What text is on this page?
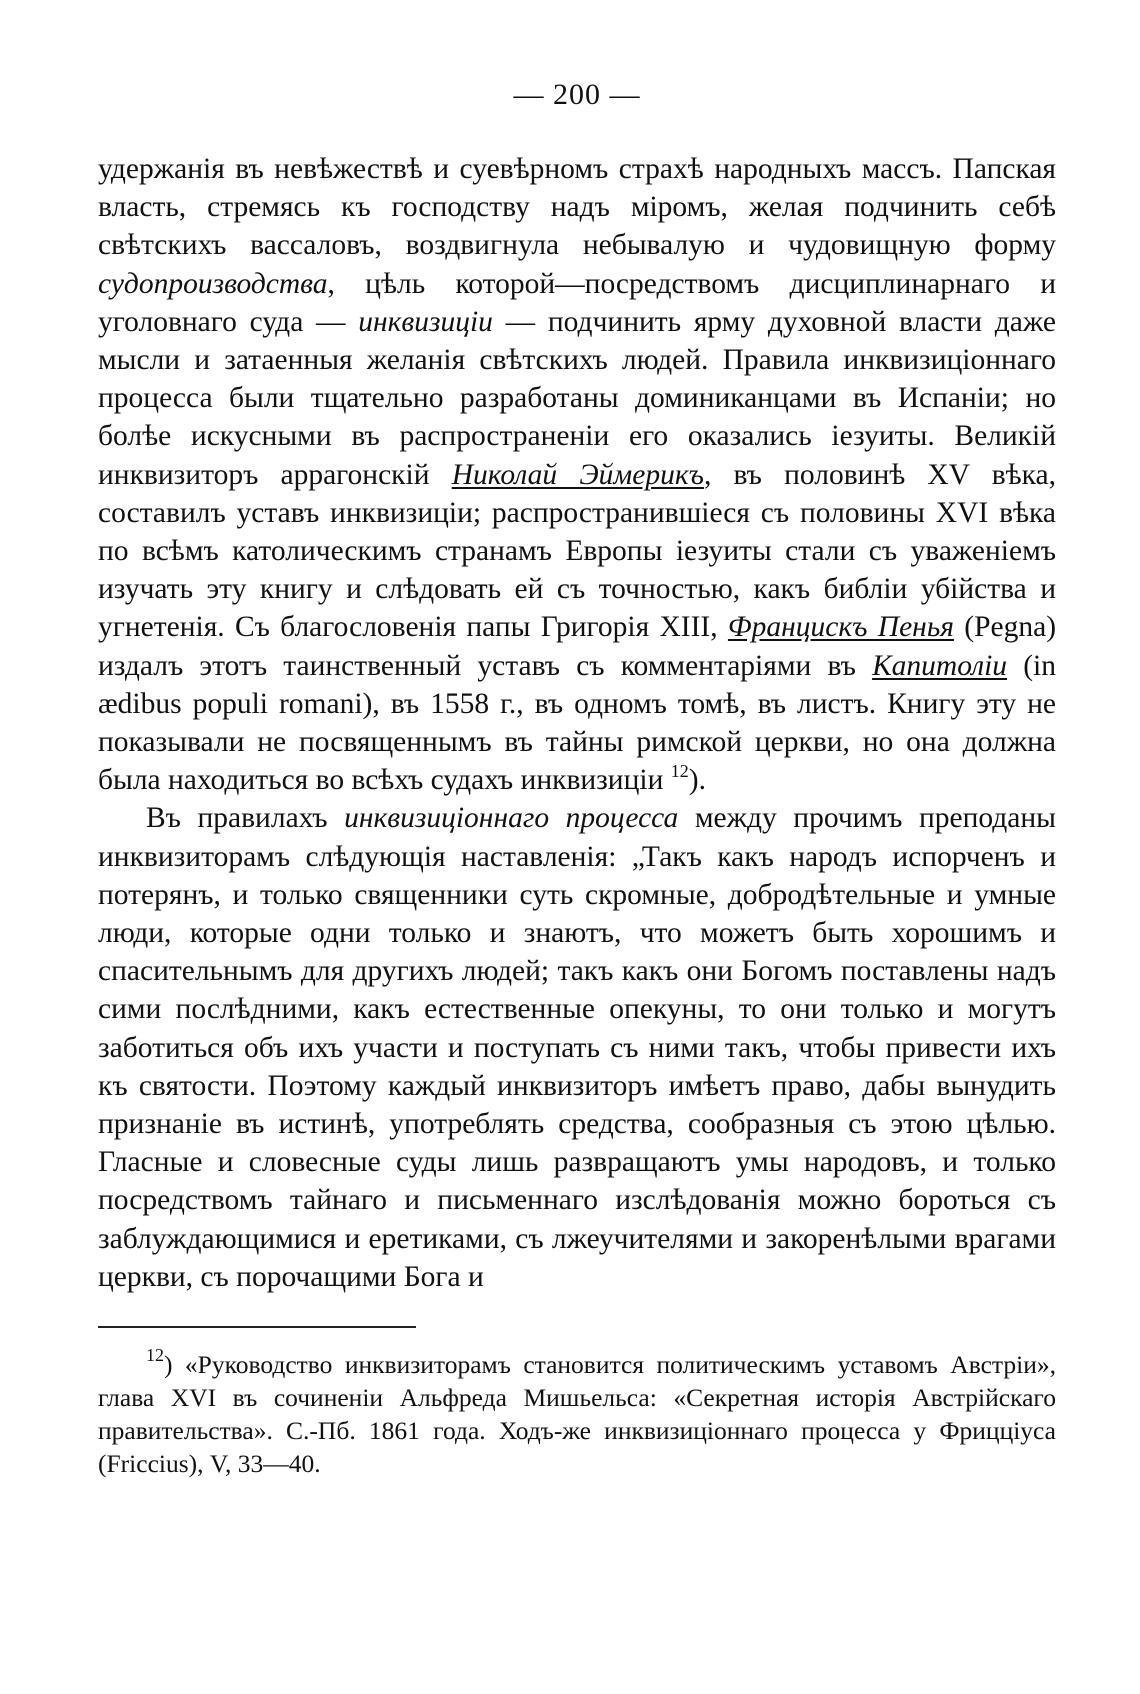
— 200 —

удержанія въ невѣжествѣ и суевѣрномъ страхѣ народныхъ массъ. Папская власть, стремясь къ господству надъ міромъ, желая подчинить себѣ свѣтскихъ вассаловъ, воздвигнула небывалую и чудовищную форму судопроизводства, цѣль которой—посредствомъ дисциплинарнаго и уголовнаго суда — инквизиціи — подчинить ярму духовной власти даже мысли и затаенныя желанія свѣтскихъ людей. Правила инквизиціоннаго процесса были тщательно разработаны доминиканцами въ Испаніи; но болѣе искусными въ распространеніи его оказались іезуиты. Великій инквизиторъ аррагонскій Николай Эймерикъ, въ половинѣ XV вѣка, составилъ уставъ инквизиціи; распространившіеся съ половины XVI вѣка по всѣмъ католическимъ странамъ Европы іезуиты стали съ уваженіемъ изучать эту книгу и слѣдовать ей съ точностью, какъ библіи убійства и угнетенія. Съ благословенія папы Григорія XIII, Францискъ Пенья (Pegna) издалъ этотъ таинственный уставъ съ комментаріями въ Капитоліи (in ædibus populi romani), въ 1558 г., въ одномъ томѣ, въ листъ. Книгу эту не показывали не посвященнымъ въ тайны римской церкви, но она должна была находиться во всѣхъ судахъ инквизиціи $^{12}$).

Въ правилахъ инквизиціоннаго процесса между прочимъ преподаны инквизиторамъ слѣдующія наставленія: „Такъ какъ народъ испорченъ и потерянъ, и только священники суть скромные, добродѣтельные и умные люди, которые одни только и знаютъ, что можетъ быть хорошимъ и спасительнымъ для другихъ людей; такъ какъ они Богомъ поставлены надъ сими послѣдними, какъ естественные опекуны, то они только и могутъ заботиться объ ихъ участи и поступать съ ними такъ, чтобы привести ихъ къ святости. Поэтому каждый инквизиторъ имѣетъ право, дабы вынудить признаніе въ истинѣ, употреблять средства, сообразныя съ этою цѣлью. Гласные и словесные суды лишь развращаютъ умы народовъ, и только посредствомъ тайнаго и письменнаго изслѣдованія можно бороться съ заблуждающимися и еретиками, съ лжеучителями и закоренѣлыми врагами церкви, съ порочащими Бога и

$^{12}$) «Руководство инквизиторамъ становится политическимъ уставомъ Австріи», глава XVI въ сочиненіи Альфреда Мишьельса: «Секретная исторія Австрійскаго правительства». С.-Пб. 1861 года. Ходъ-же инквизиціоннаго процесса у Фрицціуса (Friccius), V, 33—40.
